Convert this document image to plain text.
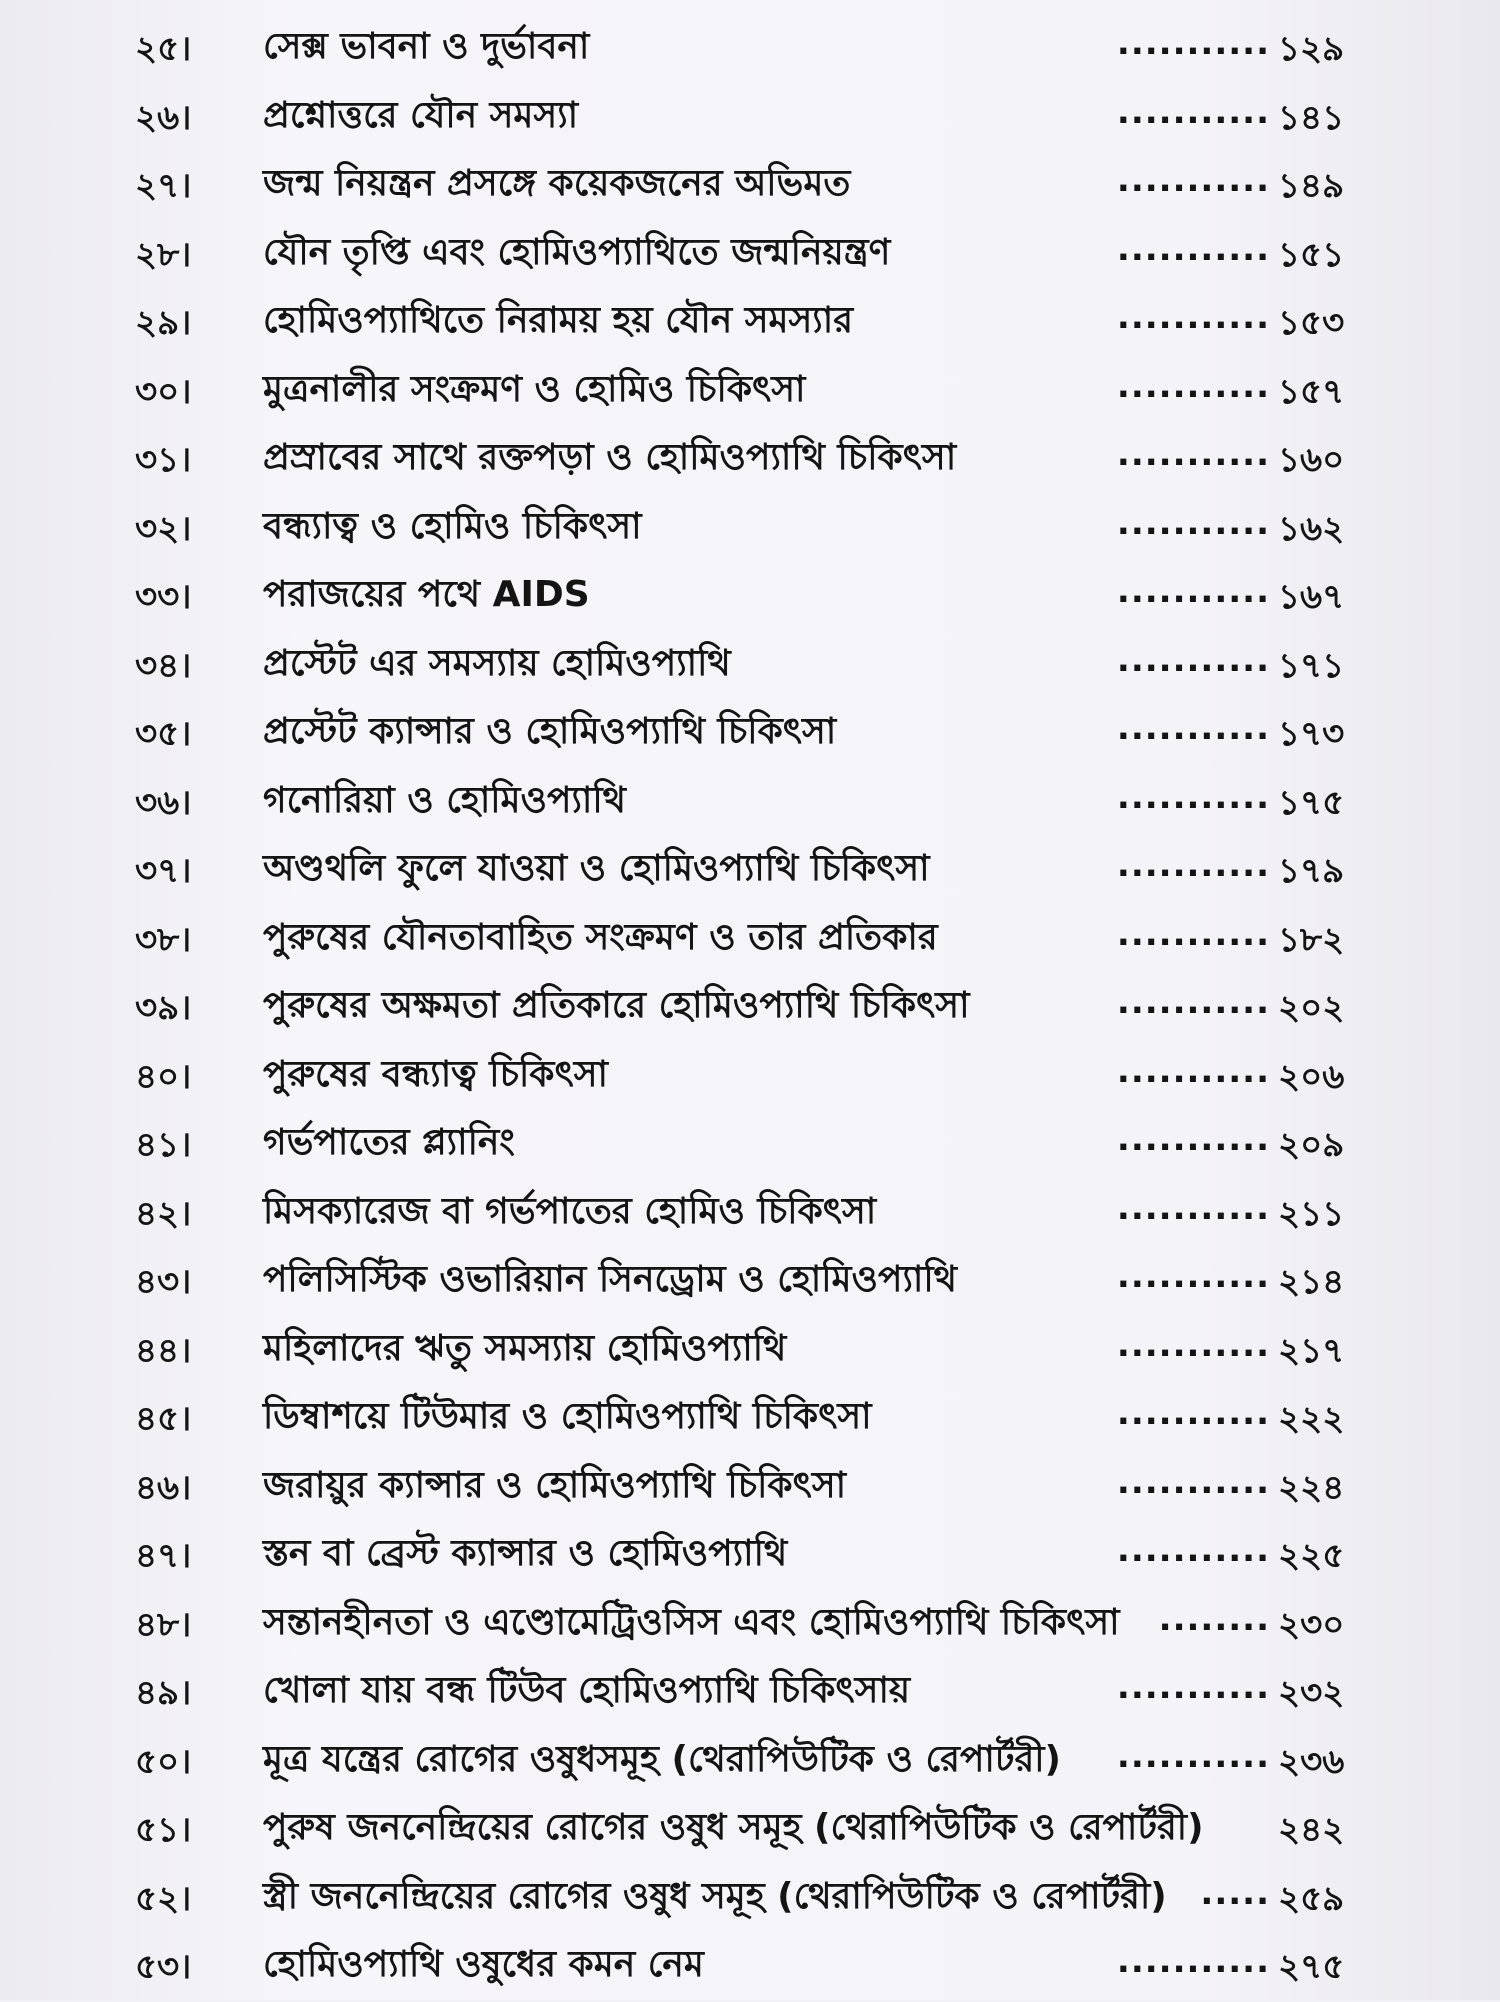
২৫। সেক্স ভাবনা ও দুর্ভাবনা	........... ১২৯
২৬। প্রশ্নোত্তরে যৌন সমস্যা	........... ১৪১
২৭। জন্ম নিয়ন্ত্রন প্রসঙ্গে কয়েকজনের অভিমত	........... ১৪৯
২৮। যৌন তৃপ্তি এবং হোমিওপ্যাথিতে জন্মনিয়ন্ত্রণ	........... ১৫১
২৯। হোমিওপ্যাথিতে নিরাময় হয় যৌন সমস্যার	........... ১৫৩
৩০। মুত্রনালীর সংক্রমণ ও হোমিও চিকিৎসা	........... ১৫৭
৩১। প্রস্রাবের সাথে রক্তপড়া ও হোমিওপ্যাথি চিকিৎসা	........... ১৬০
৩২। বন্ধ্যাত্ব ও হোমিও চিকিৎসা	........... ১৬২
৩৩। পরাজয়ের পথে AIDS	........... ১৬৭
৩৪। প্রস্টেট এর সমস্যায় হোমিওপ্যাথি	........... ১৭১
৩৫। প্রস্টেট ক্যান্সার ও হোমিওপ্যাথি চিকিৎসা	........... ১৭৩
৩৬। গনোরিয়া ও হোমিওপ্যাথি	........... ১৭৫
৩৭। অণ্ডথলি ফুলে যাওয়া ও হোমিওপ্যাথি চিকিৎসা	........... ১৭৯
৩৮। পুরুষের যৌনতাবাহিত সংক্রমণ ও তার প্রতিকার	........... ১৮২
৩৯। পুরুষের অক্ষমতা প্রতিকারে হোমিওপ্যাথি চিকিৎসা	........... ২০২
৪০। পুরুষের বন্ধ্যাত্ব চিকিৎসা	........... ২০৬
৪১। গর্ভপাতের প্ল্যানিং	........... ২০৯
৪২। মিসক্যারেজ বা গর্ভপাতের হোমিও চিকিৎসা	........... ২১১
৪৩। পলিসিস্টিক ওভারিয়ান সিনড্রোম ও হোমিওপ্যাথি	........... ২১৪
৪৪। মহিলাদের ঋতু সমস্যায় হোমিওপ্যাথি	........... ২১৭
৪৫। ডিম্বাশয়ে টিউমার ও হোমিওপ্যাথি চিকিৎসা	........... ২২২
৪৬। জরায়ুর ক্যান্সার ও হোমিওপ্যাথি চিকিৎসা	........... ২২৪
৪৭। স্তন বা ব্রেস্ট ক্যান্সার ও হোমিওপ্যাথি	........... ২২৫
৪৮। সন্তানহীনতা ও এণ্ডোমেট্রিওসিস এবং হোমিওপ্যাথি চিকিৎসা	........ ২৩০
৪৯। খোলা যায় বন্ধ টিউব হোমিওপ্যাথি চিকিৎসায়	........... ২৩২
৫০। মূত্র যন্ত্রের রোগের ওষুধসমূহ (থেরাপিউটিক ও রেপার্টরী)	........... ২৩৬
৫১। পুরুষ জননেন্দ্রিয়ের রোগের ওষুধ সমূহ (থেরাপিউটিক ও রেপার্টরী) ২৪২
৫২। স্ত্রী জননেন্দ্রিয়ের রোগের ওষুধ সমূহ (থেরাপিউটিক ও রেপার্টরী) ..... ২৫৯
৫৩। হোমিওপ্যাথি ওষুধের কমন নেম	........... ২৭৫
